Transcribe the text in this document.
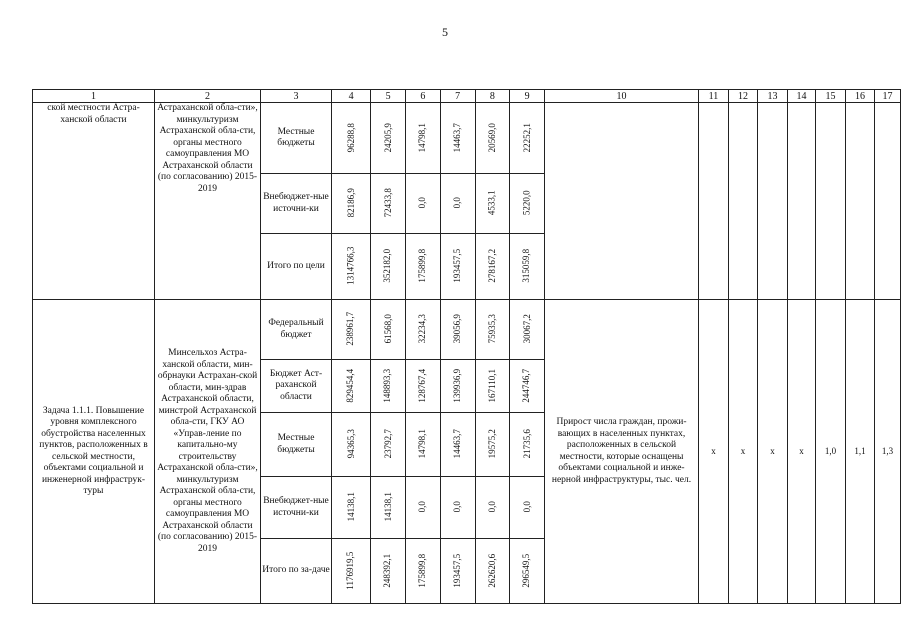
5
1	2	3	4	5	6	7	8	9	10	11	12	13	14	15	16	17
ской местности Астра-ханской области	Астраханской обла-сти», минкультуризм Астраханской обла-сти, органы местного самоуправления МО Астраханской области (по согласованию) 2015-2019	Местные бюджеты	96288,8	24205,9	14798,1	14463,7	20569,0	22252,1								
		Внебюджет-ные источни-ки	82186,9	72433,8	0,0	0,0	4533,1	5220,0								
		Итого по цели	1314766,3	352182,0	175899,8	193457,5	278167,2	315059,8								
Задача 1.1.1. Повышение уровня комплексного обустройства населенных пунктов, расположенных в сельской местности, объектами социальной и инженерной инфраструк-туры	Минсельхоз Астра-ханской области, мин-обрнауки Астрахан-ской области, мин-здрав Астраханской области, минстрой Астраханской обла-сти, ГКУ АО «Управ-ление по капитально-му строительству Астраханской обла-сти», минкультуризм Астраханской обла-сти, органы местного самоуправления МО Астраханской области (по согласованию) 2015-2019	Федеральный бюджет	238961,7	61568,0	32234,3	39056,9	75935,3	30067,2	Прирост числа граждан, прожи-вающих в населенных пунктах, расположенных в сельской местности, которые оснащены объектами социальной и инже-нерной инфраструктуры, тыс. чел.	x	x	x	x	1,0	1,1	1,3
		Бюджет Аст-раханской области	829454,4	148893,3	128767,4	139936,9	167110,1	244746,7								
		Местные бюджеты	94365,3	23792,7	14798,1	14463,7	19575,2	21735,6								
		Внебюджет-ные источни-ки	14138,1	14138,1	0,0	0,0	0,0	0,0								
		Итого по за-даче	1176919,5	248392,1	175899,8	193457,5	262620,6	296549,5								
